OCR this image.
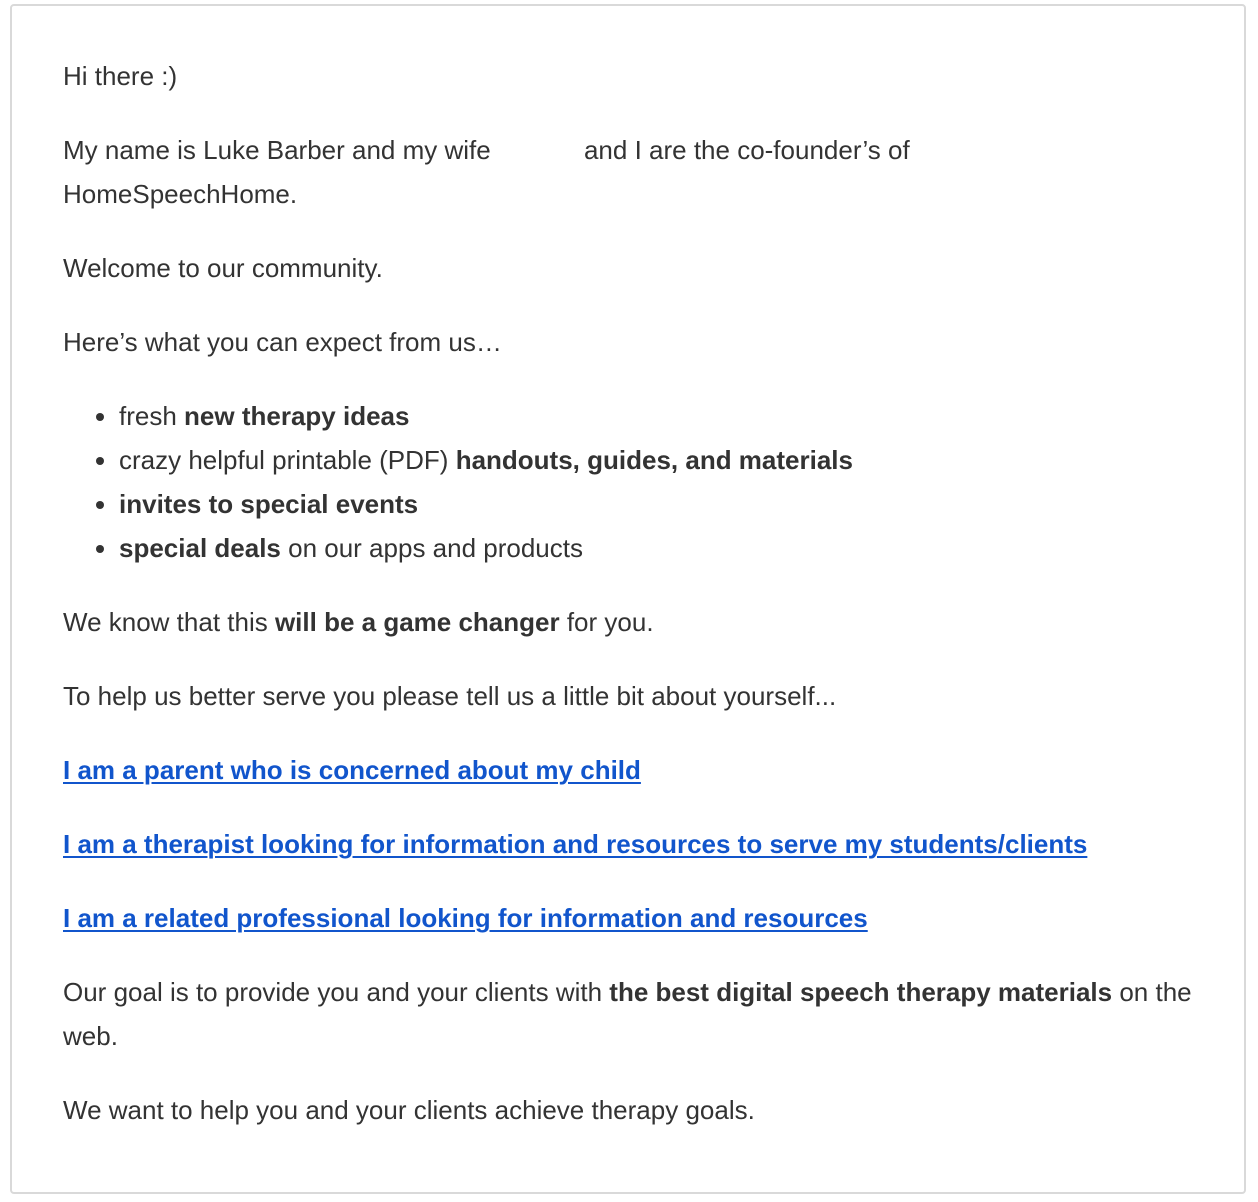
Hi there :)

My name is Luke Barber and my wife	and I are the co-founder’s of
HomeSpeechHome.

Welcome to our community.

Here’s what you can expect from us…

• fresh new therapy ideas
• crazy helpful printable (PDF) handouts, guides, and materials
• invites to special events
• special deals on our apps and products

We know that this will be a game changer for you.

To help us better serve you please tell us a little bit about yourself...

I am a parent who is concerned about my child

I am a therapist looking for information and resources to serve my students/clients

I am a related professional looking for information and resources

Our goal is to provide you and your clients with the best digital speech therapy materials on the web.

We want to help you and your clients achieve therapy goals.
